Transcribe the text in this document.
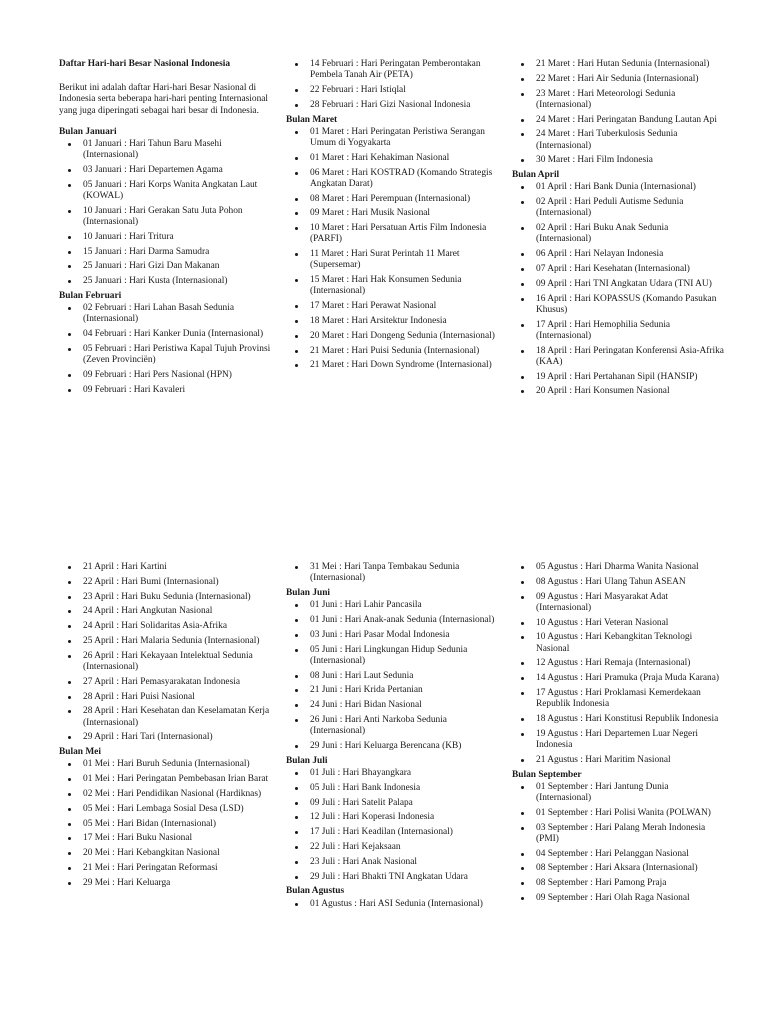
Daftar Hari-hari Besar Nasional Indonesia
Berikut ini adalah daftar Hari-hari Besar Nasional di Indonesia serta beberapa hari-hari penting Internasional yang juga diperingati sebagai hari besar di Indonesia.
Bulan Januari
01 Januari : Hari Tahun Baru Masehi (Internasional)
03 Januari : Hari Departemen Agama
05 Januari : Hari Korps Wanita Angkatan Laut (KOWAL)
10 Januari : Hari Gerakan Satu Juta Pohon (Internasional)
10 Januari : Hari Tritura
15 Januari : Hari Darma Samudra
25 Januari : Hari Gizi Dan Makanan
25 Januari : Hari Kusta (Internasional)
Bulan Februari
02 Februari : Hari Lahan Basah Sedunia (Internasional)
04 Februari : Hari Kanker Dunia (Internasional)
05 Februari : Hari Peristiwa Kapal Tujuh Provinsi (Zeven Provinciën)
09 Februari : Hari Pers Nasional (HPN)
09 Februari : Hari Kavaleri
14 Februari : Hari Peringatan Pemberontakan Pembela Tanah Air (PETA)
22 Februari : Hari Istiqlal
28 Februari : Hari Gizi Nasional Indonesia
Bulan Maret
01 Maret : Hari Peringatan Peristiwa Serangan Umum di Yogyakarta
01 Maret : Hari Kehakiman Nasional
06 Maret : Hari KOSTRAD (Komando Strategis Angkatan Darat)
08 Maret : Hari Perempuan (Internasional)
09 Maret : Hari Musik Nasional
10 Maret : Hari Persatuan Artis Film Indonesia (PARFI)
11 Maret : Hari Surat Perintah 11 Maret (Supersemar)
15 Maret : Hari Hak Konsumen Sedunia (Internasional)
17 Maret : Hari Perawat Nasional
18 Maret : Hari Arsitektur Indonesia
20 Maret : Hari Dongeng Sedunia (Internasional)
21 Maret : Hari Puisi Sedunia (Internasional)
21 Maret : Hari Down Syndrome (Internasional)
21 Maret : Hari Hutan Sedunia (Internasional)
22 Maret : Hari Air Sedunia (Internasional)
23 Maret : Hari Meteorologi Sedunia (Internasional)
24 Maret : Hari Peringatan Bandung Lautan Api
24 Maret : Hari Tuberkulosis Sedunia (Internasional)
30 Maret : Hari Film Indonesia
Bulan April
01 April : Hari Bank Dunia (Internasional)
02 April : Hari Peduli Autisme Sedunia (Internasional)
02 April : Hari Buku Anak Sedunia (Internasional)
06 April : Hari Nelayan Indonesia
07 April : Hari Kesehatan (Internasional)
09 April : Hari TNI Angkatan Udara (TNI AU)
16 April : Hari KOPASSUS (Komando Pasukan Khusus)
17 April : Hari Hemophilia Sedunia (Internasional)
18 April : Hari Peringatan Konferensi Asia-Afrika (KAA)
19 April : Hari Pertahanan Sipil (HANSIP)
20 April : Hari Konsumen Nasional
21 April : Hari Kartini
22 April : Hari Bumi (Internasional)
23 April : Hari Buku Sedunia (Internasional)
24 April : Hari Angkutan Nasional
24 April : Hari Solidaritas Asia-Afrika
25 April : Hari Malaria Sedunia (Internasional)
26 April : Hari Kekayaan Intelektual Sedunia (Internasional)
27 April : Hari Pemasyarakatan Indonesia
28 April : Hari Puisi Nasional
28 April : Hari Kesehatan dan Keselamatan Kerja (Internasional)
29 April : Hari Tari (Internasional)
Bulan Mei
01 Mei : Hari Buruh Sedunia (Internasional)
01 Mei : Hari Peringatan Pembebasan Irian Barat
02 Mei : Hari Pendidikan Nasional (Hardiknas)
05 Mei : Hari Lembaga Sosial Desa (LSD)
05 Mei : Hari Bidan (Internasional)
17 Mei : Hari Buku Nasional
20 Mei : Hari Kebangkitan Nasional
21 Mei : Hari Peringatan Reformasi
29 Mei : Hari Keluarga
31 Mei : Hari Tanpa Tembakau Sedunia (Internasional)
Bulan Juni
01 Juni : Hari Lahir Pancasila
01 Juni : Hari Anak-anak Sedunia (Internasional)
03 Juni : Hari Pasar Modal Indonesia
05 Juni : Hari Lingkungan Hidup Sedunia (Internasional)
08 Juni : Hari Laut Sedunia
21 Juni : Hari Krida Pertanian
24 Juni : Hari Bidan Nasional
26 Juni : Hari Anti Narkoba Sedunia (Internasional)
29 Juni : Hari Keluarga Berencana (KB)
Bulan Juli
01 Juli : Hari Bhayangkara
05 Juli : Hari Bank Indonesia
09 Juli : Hari Satelit Palapa
12 Juli : Hari Koperasi Indonesia
17 Juli : Hari Keadilan (Internasional)
22 Juli : Hari Kejaksaan
23 Juli : Hari Anak Nasional
29 Juli : Hari Bhakti TNI Angkatan Udara
Bulan Agustus
01 Agustus : Hari ASI Sedunia (Internasional)
05 Agustus : Hari Dharma Wanita Nasional
08 Agustus : Hari Ulang Tahun ASEAN
09 Agustus : Hari Masyarakat Adat (Internasional)
10 Agustus : Hari Veteran Nasional
10 Agustus : Hari Kebangkitan Teknologi Nasional
12 Agustus : Hari Remaja (Internasional)
14 Agustus : Hari Pramuka (Praja Muda Karana)
17 Agustus : Hari Proklamasi Kemerdekaan Republik Indonesia
18 Agustus : Hari Konstitusi Republik Indonesia
19 Agustus : Hari Departemen Luar Negeri Indonesia
21 Agustus : Hari Maritim Nasional
Bulan September
01 September : Hari Jantung Dunia (Internasional)
01 September : Hari Polisi Wanita (POLWAN)
03 September : Hari Palang Merah Indonesia (PMI)
04 September : Hari Pelanggan Nasional
08 September : Hari Aksara (Internasional)
08 September : Hari Pamong Praja
09 September : Hari Olah Raga Nasional
